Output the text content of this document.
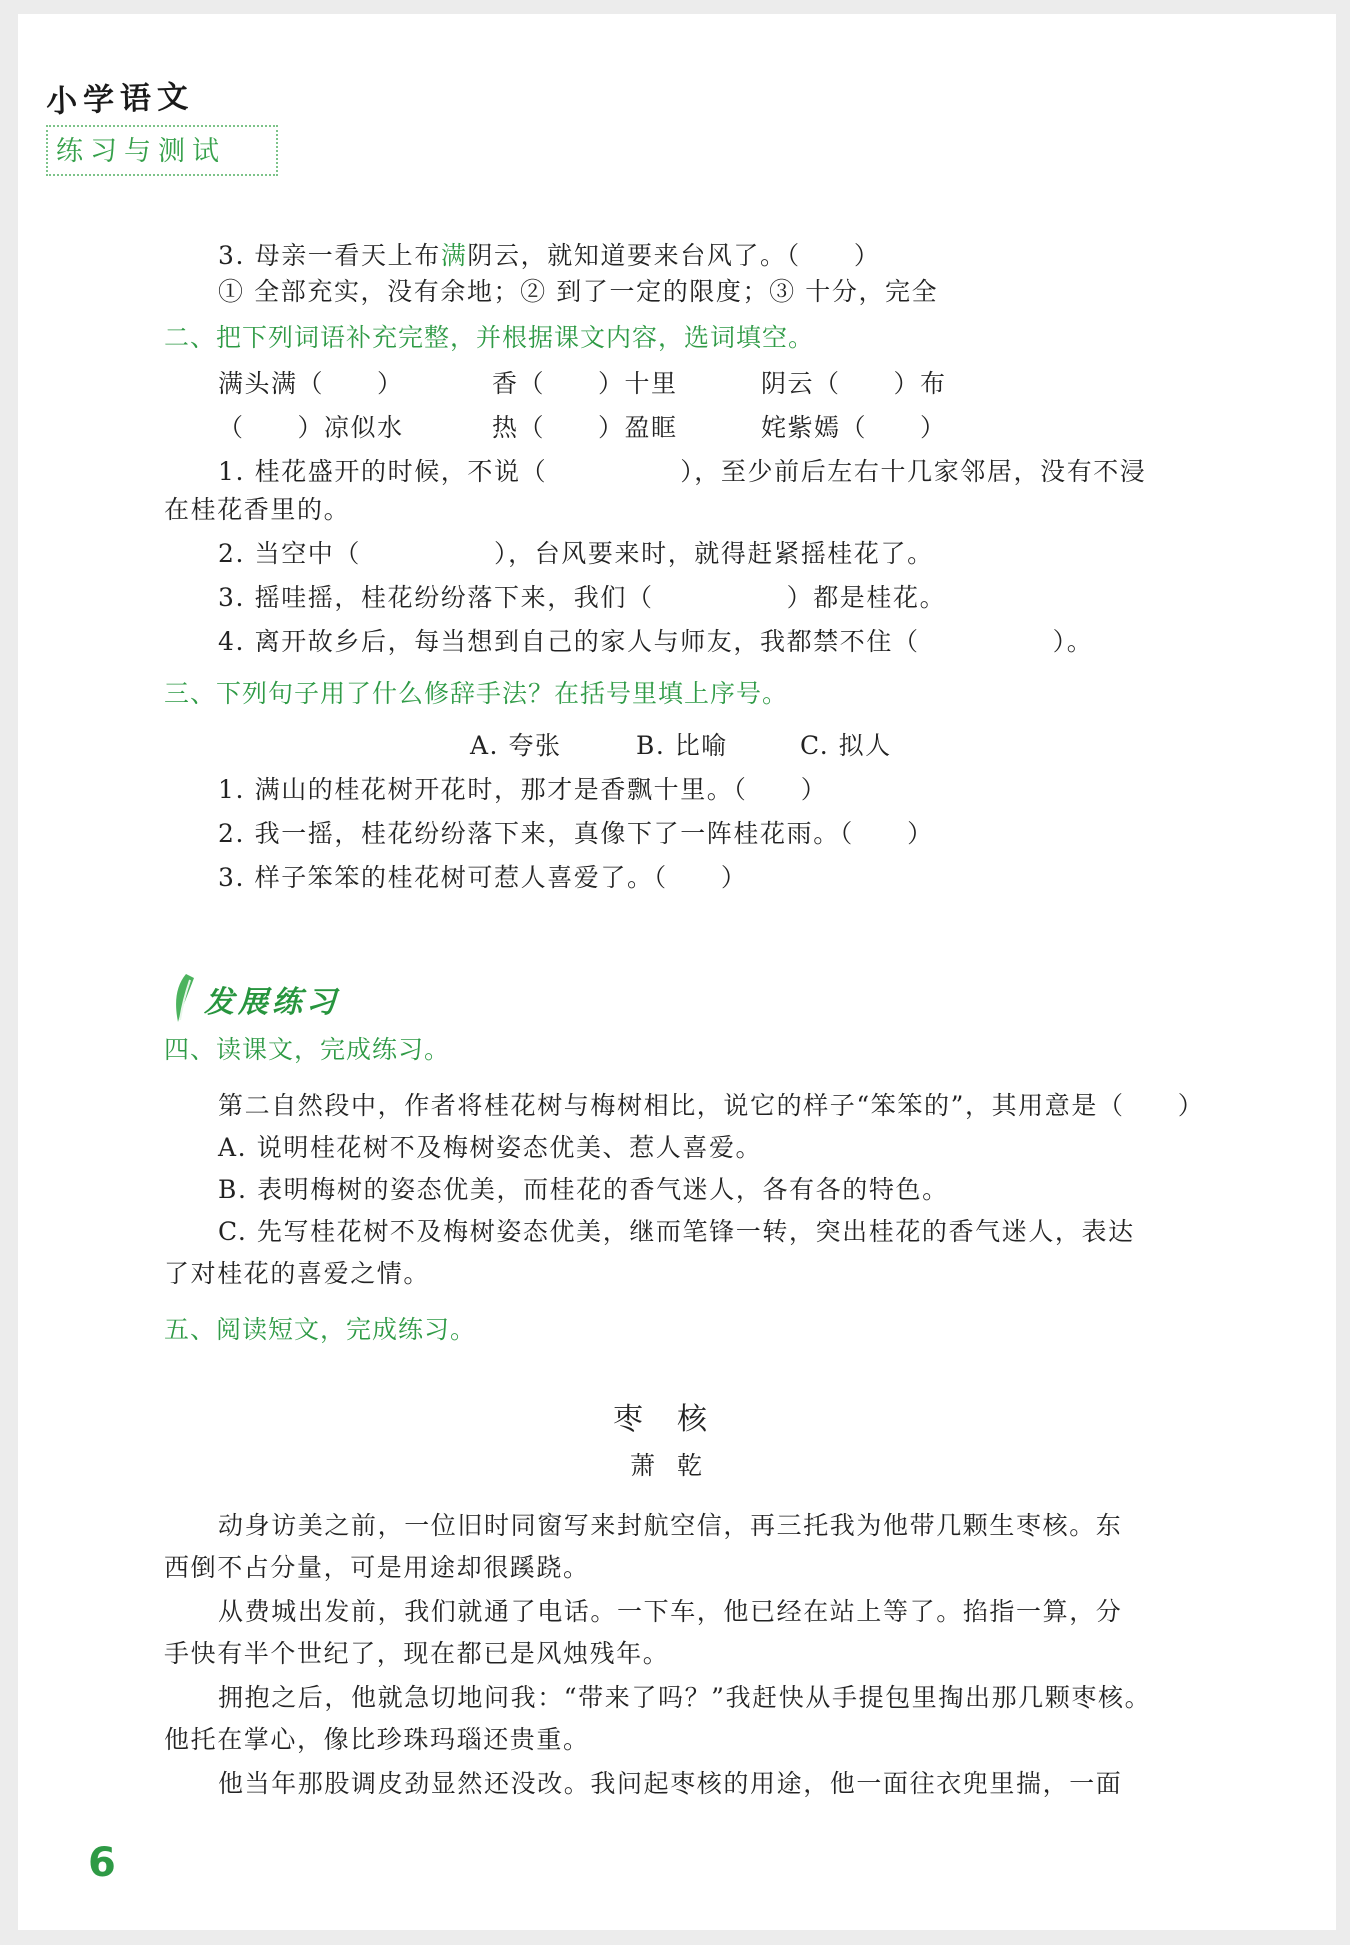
小学语文
练习与测试
3. 母亲一看天上布满阴云，就知道要来台风了。（　　）
① 全部充实，没有余地；② 到了一定的限度；③ 十分，完全
二、把下列词语补充完整，并根据课文内容，选词填空。
满头满（　　）	香（　　）十里	阴云（　　）布
（　　）凉似水	热（　　）盈眶	姹紫嫣（　　）
1. 桂花盛开的时候，不说（　　　　　），至少前后左右十几家邻居，没有不浸
在桂花香里的。
2. 当空中（　　　　　），台风要来时，就得赶紧摇桂花了。
3. 摇哇摇，桂花纷纷落下来，我们（　　　　　）都是桂花。
4. 离开故乡后，每当想到自己的家人与师友，我都禁不住（　　　　　）。
三、下列句子用了什么修辞手法？在括号里填上序号。
A. 夸张	B. 比喻	C. 拟人
1. 满山的桂花树开花时，那才是香飘十里。（　　）
2. 我一摇，桂花纷纷落下来，真像下了一阵桂花雨。（　　）
3. 样子笨笨的桂花树可惹人喜爱了。（　　）
发展练习
四、读课文，完成练习。
第二自然段中，作者将桂花树与梅树相比，说它的样子“笨笨的”，其用意是（　　）
A. 说明桂花树不及梅树姿态优美、惹人喜爱。
B. 表明梅树的姿态优美，而桂花的香气迷人，各有各的特色。
C. 先写桂花树不及梅树姿态优美，继而笔锋一转，突出桂花的香气迷人，表达
了对桂花的喜爱之情。
五、阅读短文，完成练习。
枣核
萧乾
动身访美之前，一位旧时同窗写来封航空信，再三托我为他带几颗生枣核。东
西倒不占分量，可是用途却很蹊跷。
从费城出发前，我们就通了电话。一下车，他已经在站上等了。掐指一算，分
手快有半个世纪了，现在都已是风烛残年。
拥抱之后，他就急切地问我：“带来了吗？”我赶快从手提包里掏出那几颗枣核。
他托在掌心，像比珍珠玛瑙还贵重。
他当年那股调皮劲显然还没改。我问起枣核的用途，他一面往衣兜里揣，一面
6
